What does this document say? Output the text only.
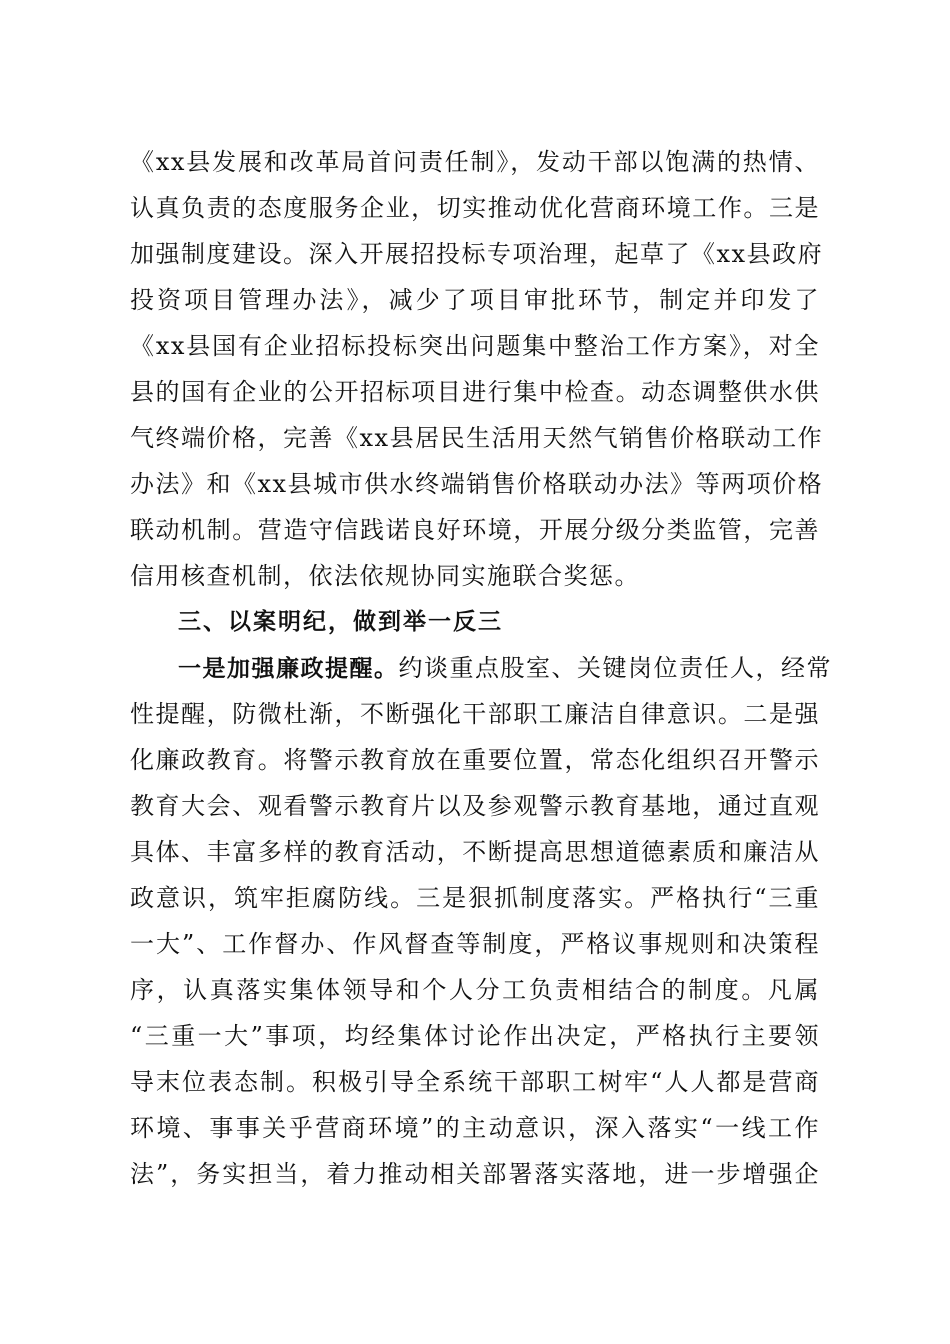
《xx县发展和改革局首问责任制》，发动干部以饱满的热情、
认真负责的态度服务企业，切实推动优化营商环境工作。三是
加强制度建设。深入开展招投标专项治理，起草了《xx县政府
投资项目管理办法》，减少了项目审批环节，制定并印发了
《xx县国有企业招标投标突出问题集中整治工作方案》，对全
县的国有企业的公开招标项目进行集中检查。动态调整供水供
气终端价格，完善《xx县居民生活用天然气销售价格联动工作
办法》和《xx县城市供水终端销售价格联动办法》等两项价格
联动机制。营造守信践诺良好环境，开展分级分类监管，完善
信用核查机制，依法依规协同实施联合奖惩。
三、以案明纪，做到举一反三
一是加强廉政提醒。约谈重点股室、关键岗位责任人，经常
性提醒，防微杜渐，不断强化干部职工廉洁自律意识。二是强
化廉政教育。将警示教育放在重要位置，常态化组织召开警示
教育大会、观看警示教育片以及参观警示教育基地，通过直观
具体、丰富多样的教育活动，不断提高思想道德素质和廉洁从
政意识，筑牢拒腐防线。三是狠抓制度落实。严格执行“三重
一大”、工作督办、作风督查等制度，严格议事规则和决策程
序，认真落实集体领导和个人分工负责相结合的制度。凡属
“三重一大”事项，均经集体讨论作出决定，严格执行主要领
导末位表态制。积极引导全系统干部职工树牢“人人都是营商
环境、事事关乎营商环境”的主动意识，深入落实“一线工作
法”，务实担当，着力推动相关部署落实落地，进一步增强企
